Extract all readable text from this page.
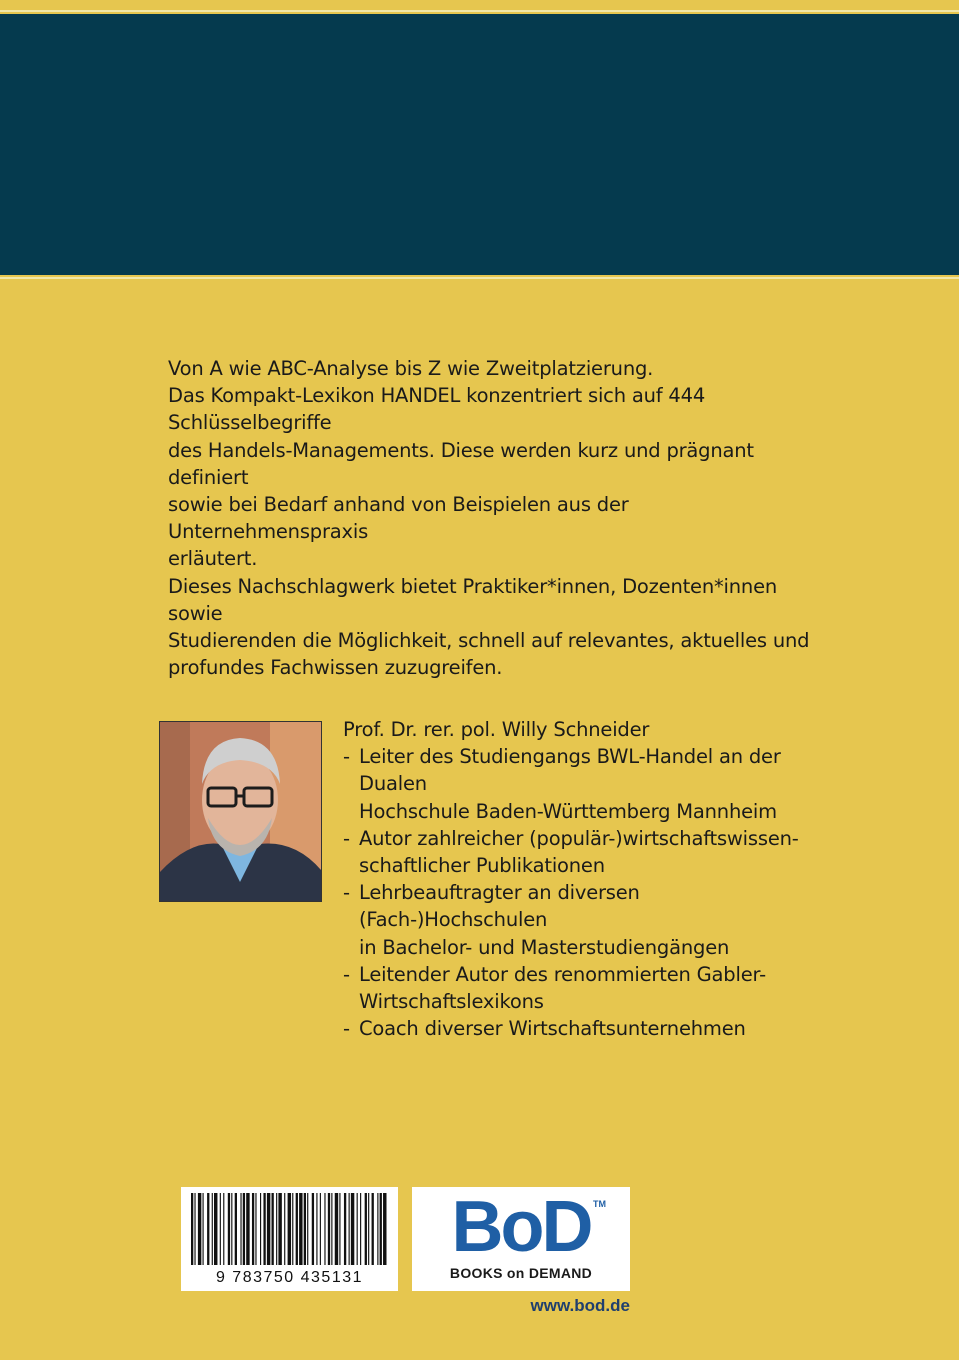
Von A wie ABC-Analyse bis Z wie Zweitplatzierung.

Das Kompakt-Lexikon HANDEL konzentriert sich auf 444 Schlüsselbegriffe

des Handels-Managements. Diese werden kurz und prägnant definiert

sowie bei Bedarf anhand von Beispielen aus der Unternehmenspraxis

erläutert.

Dieses Nachschlagwerk bietet Praktiker*innen, Dozenten*innen sowie

Studierenden die Möglichkeit, schnell auf relevantes, aktuelles und

profundes Fachwissen zuzugreifen.

Prof. Dr. rer. pol. Willy Schneider

- Leiter des Studiengangs BWL-Handel an der Dualen
Hochschule Baden-Württemberg Mannheim
- Autor zahlreicher (populär-)wirtschaftswissen-
schaftlicher Publikationen
- Lehrbeauftragter an diversen (Fach-)Hochschulen
in Bachelor- und Masterstudiengängen
- Leitender Autor des renommierten Gabler-
Wirtschaftslexikons
- Coach diverser Wirtschaftsunternehmen
9 783750 435131
BoD TM
BOOKS on DEMAND
www.bod.de
